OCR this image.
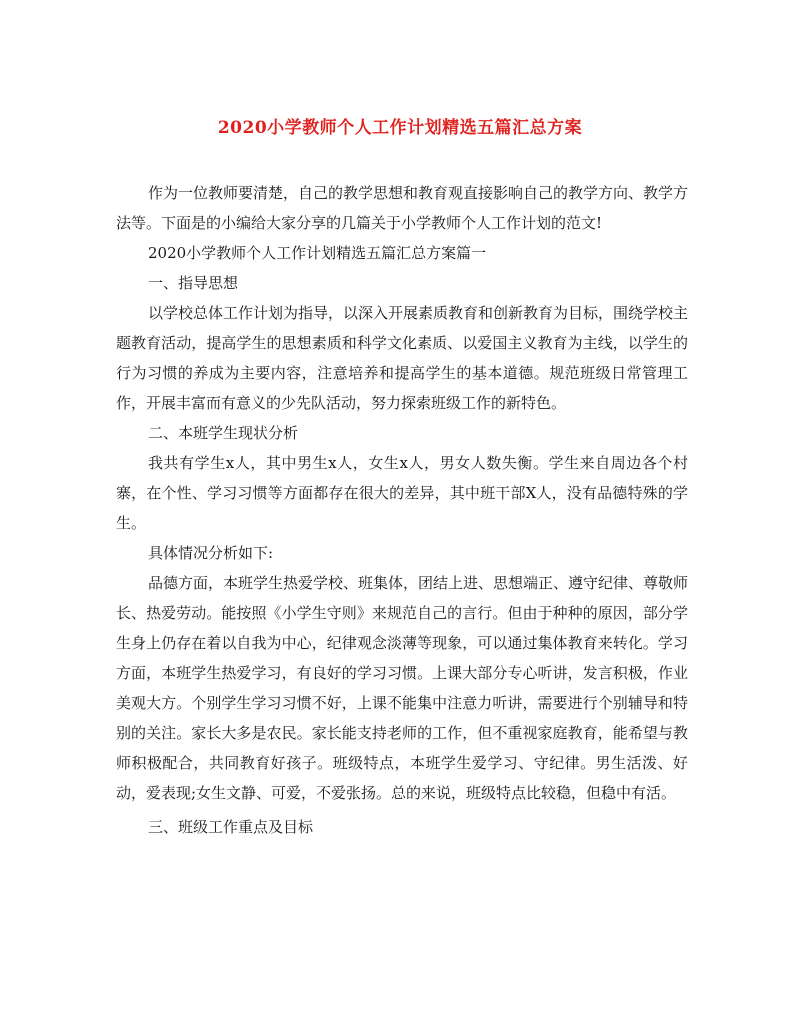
2020小学教师个人工作计划精选五篇汇总方案

作为一位教师要清楚，自己的教学思想和教育观直接影响自己的教学方向、教学方法等。下面是的小编给大家分享的几篇关于小学教师个人工作计划的范文!

2020小学教师个人工作计划精选五篇汇总方案篇一

一、指导思想

以学校总体工作计划为指导，以深入开展素质教育和创新教育为目标，围绕学校主题教育活动，提高学生的思想素质和科学文化素质、以爱国主义教育为主线，以学生的行为习惯的养成为主要内容，注意培养和提高学生的基本道德。规范班级日常管理工作，开展丰富而有意义的少先队活动，努力探索班级工作的新特色。

二、本班学生现状分析

我共有学生x人，其中男生x人，女生x人，男女人数失衡。学生来自周边各个村寨，在个性、学习习惯等方面都存在很大的差异，其中班干部X人，没有品德特殊的学生。

具体情况分析如下:

品德方面，本班学生热爱学校、班集体，团结上进、思想端正、遵守纪律、尊敬师长、热爱劳动。能按照《小学生守则》来规范自己的言行。但由于种种的原因，部分学生身上仍存在着以自我为中心，纪律观念淡薄等现象，可以通过集体教育来转化。学习方面，本班学生热爱学习，有良好的学习习惯。上课大部分专心听讲，发言积极，作业美观大方。个别学生学习习惯不好，上课不能集中注意力听讲，需要进行个别辅导和特别的关注。家长大多是农民。家长能支持老师的工作，但不重视家庭教育，能希望与教师积极配合，共同教育好孩子。班级特点，本班学生爱学习、守纪律。男生活泼、好动，爱表现;女生文静、可爱，不爱张扬。总的来说，班级特点比较稳，但稳中有活。

三、班级工作重点及目标
